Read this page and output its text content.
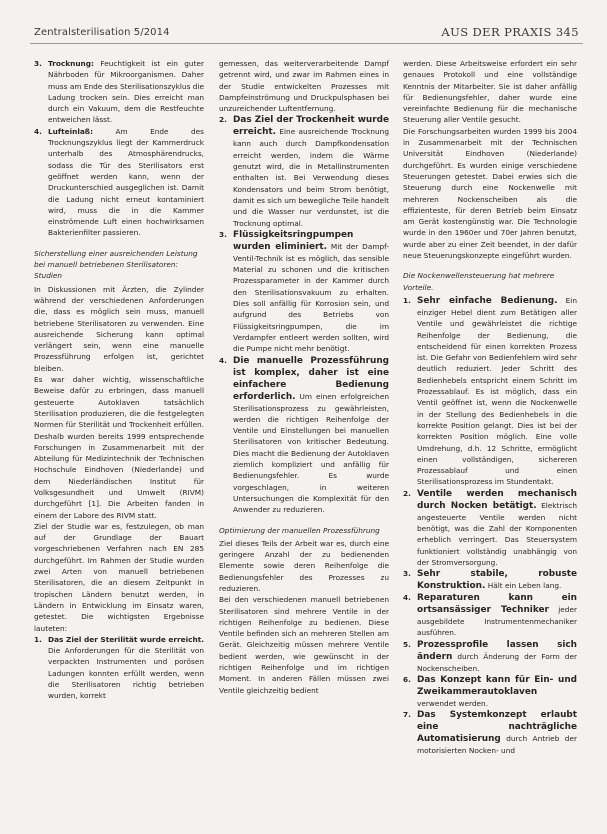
Zentralsterilisation 5/2014	AUS DER PRAXIS 345
3. Trocknung: Feuchtigkeit ist ein guter Nährboden für Mikroorganismen. Daher muss am Ende des Sterilisationszyklus die Ladung trocken sein. Dies erreicht man durch ein Vakuum, dem die Restfeuchte entweichen lässt.
4. Lufteinlaß:	Am Ende des Trocknungszyklus liegt der Kammerdruck unterhalb des Atmosphärendrucks, sodass die Tür des Sterilisators erst geöffnet werden kann, wenn der Druckunterschied ausgeglichen ist. Damit die Ladung nicht erneut kontaminiert wird, muss die in die Kammer einströmende Luft einen hochwirksamen Bakterienfilter passieren.

Sicherstellung einer ausreichenden Leistung bei manuell betriebenen Sterilisatoren: Studien

In Diskussionen mit Ärzten, die Zylinder während der verschiedenen Anforderungen die, dass es möglich sein muss, manuell betriebene Sterilisatoren zu verwenden. Eine ausreichende Sicherung kann optimal verlängert sein, wenn eine manuelle Prozessführung erfolgen ist, gerichtet bleiben.

Es war daher wichtig, wissenschaftliche Beweise dafür zu erbringen, dass manuell gesteuerte Autoklaven tatsächlich Sterilisation produzieren, die die festgelegten Normen für Sterilität und Trockenheit erfüllen. Deshalb wurden bereits 1999 entsprechende Forschungen in Zusammenarbeit mit der Abteilung für Medizintechnik der Technischen Hochschule Eindhoven (Niederlande) und dem Niederländischen Institut für Volksgesundheit und Umwelt (RIVM) durchgeführt [1]. Die Arbeiten fanden in einem der Labore des RIVM statt.

Ziel der Studie war es, festzulegen, ob man auf der Grundlage der Bauart vorgeschriebenen Verfahren nach EN 285 durchgeführt. Im Rahmen der Studie wurden zwei Arten von manuell betriebenen Sterilisatoren, die an diesem Zeitpunkt in tropischen Ländern benutzt werden, in Ländern in Entwicklung im Einsatz waren, getestet. Die wichtigsten Ergebnisse lauteten:

1. Das Ziel der Sterilität wurde erreicht. Die Anforderungen für die Sterilität von verpackten Instrumenten und porösen Ladungen konnten erfüllt werden, wenn die Sterilisatoren richtig betrieben wurden, korrekt

gemessen, das weiterverarbeitende Dampf getrennt wird, und zwar im Rahmen eines in der Studie entwickelten Prozesses mit Dampfeinströmung und Druckpulsphasen bei unzureichender Luftentfernung.

2. Das Ziel der Trockenheit wurde erreicht. Eine ausreichende Trocknung kann auch durch Dampfkondensation erreicht werden, indem die Wärme genutzt wird, die in Metallinstrumenten enthalten ist. Bei Verwendung dieses Kondensators und beim Strom benötigt, damit es sich um bewegliche Teile handelt und die Wasser nur verdunstet, ist die Trocknung optimal.
3. Flüssigkeitsringpumpen wurden eliminiert. Mit der Dampf-Ventil-Technik ist es möglich, das sensible Material zu schonen und die kritischen Prozessparameter in der Kammer durch den Sterilisationsvakuum zu erhalten. Dies soll anfällig für Korrosion sein, und aufgrund des Betriebs von Flüssigkeitsringpumpen, die im Verdampfer entleert werden sollten, wird die Pumpe nicht mehr benötigt.
4. Die manuelle Prozessführung ist komplex, daher ist eine einfachere Bedienung erforderlich. Um einen erfolgreichen Sterilisationsprozess zu gewährleisten, werden die richtigen Reihenfolge der Ventile und Einstellungen bei manuellen Sterilisatoren von kritischer Bedeutung. Dies macht die Bedienung der Autoklaven ziemlich kompliziert und anfällig für Bedienungsfehler. Es wurde vorgeschlagen, in weiteren Untersuchungen die Komplexität für den Anwender zu reduzieren.

Optimierung der manuellen Prozessführung

Ziel dieses Teils der Arbeit war es, durch eine geringere Anzahl der zu bedienenden Elemente sowie deren Reihenfolge die Bedienungsfehler des Prozesses zu reduzieren.

Bei den verschiedenen manuell betriebenen Sterilisatoren sind mehrere Ventile in der richtigen Reihenfolge zu bedienen. Diese Ventile befinden sich an mehreren Stellen am Gerät. Gleichzeitig müssen mehrere Ventile bedient werden, wie gewünscht in der richtigen Reihenfolge und im richtigen Moment. In anderen Fällen müssen zwei Ventile gleichzeitig bedient

werden. Diese Arbeitsweise erfordert ein sehr genaues Protokoll und eine vollständige Kenntnis der Mitarbeiter. Sie ist daher anfällig für Bedienungsfehler, daher wurde eine vereinfachte Bedienung für die mechanische Steuerung aller Ventile gesucht.

Die Forschungsarbeiten wurden 1999 bis 2004 in Zusammenarbeit mit der Technischen Universität Eindhoven (Niederlande) durchgeführt. Es wurden einige verschiedene Steuerungen getestet. Dabei erwies sich die Steuerung durch eine Nockenwelle mit mehreren Nockenscheiben als die effizienteste, für deren Betrieb beim Einsatz am Gerät kostengünstig war. Die Technologie wurde in den 1960er und 70er Jahren benutzt, wurde aber zu einer Zeit beendet, in der dafür neue Steuerungskonzepte eingeführt wurden.

Die Nockenwellensteuerung hat mehrere Vorteile.

1. Sehr einfache Bedienung. Ein einziger Hebel dient zum Betätigen aller Ventile und gewährleistet die richtige Reihenfolge der Bedienung, die entscheidend für einen korrekten Prozess ist. Die Gefahr von Bedienfehlern wird sehr deutlich reduziert. Jeder Schritt des Bedienhebels entspricht einem Schritt im Prozessablauf. Es ist möglich, dass ein Ventil geöffnet ist, wenn die Nockenwelle in der Stellung des Bedienhebels in die korrekte Position gelangt. Dies ist bei der korrekten Position möglich. Eine volle Umdrehung, d.h. 12 Schritte, ermöglicht einen vollständigen, sichereren Prozessablauf und einen Sterilisationsprozess im Stundentakt.
2. Ventile werden mechanisch durch Nocken betätigt. Elektrisch angesteuerte Ventile werden nicht benötigt, was die Zahl der Komponenten erheblich verringert. Das Steuersystem funktioniert vollständig unabhängig von der Stromversorgung.
3. Sehr stabile, robuste Konstruktion. Hält ein Leben lang.
4. Reparaturen kann ein ortsansässiger Techniker jeder ausgebildete Instrumentenmechaniker ausführen.
5. Prozessprofile lassen sich ändern durch Änderung der Form der Nockenscheiben.
6. Das Konzept kann für Ein- und Zweikammerautoklaven verwendet werden.
7. Das Systemkonzept erlaubt eine nachträgliche Automatisierung durch Antrieb der motorisierten Nocken- und
